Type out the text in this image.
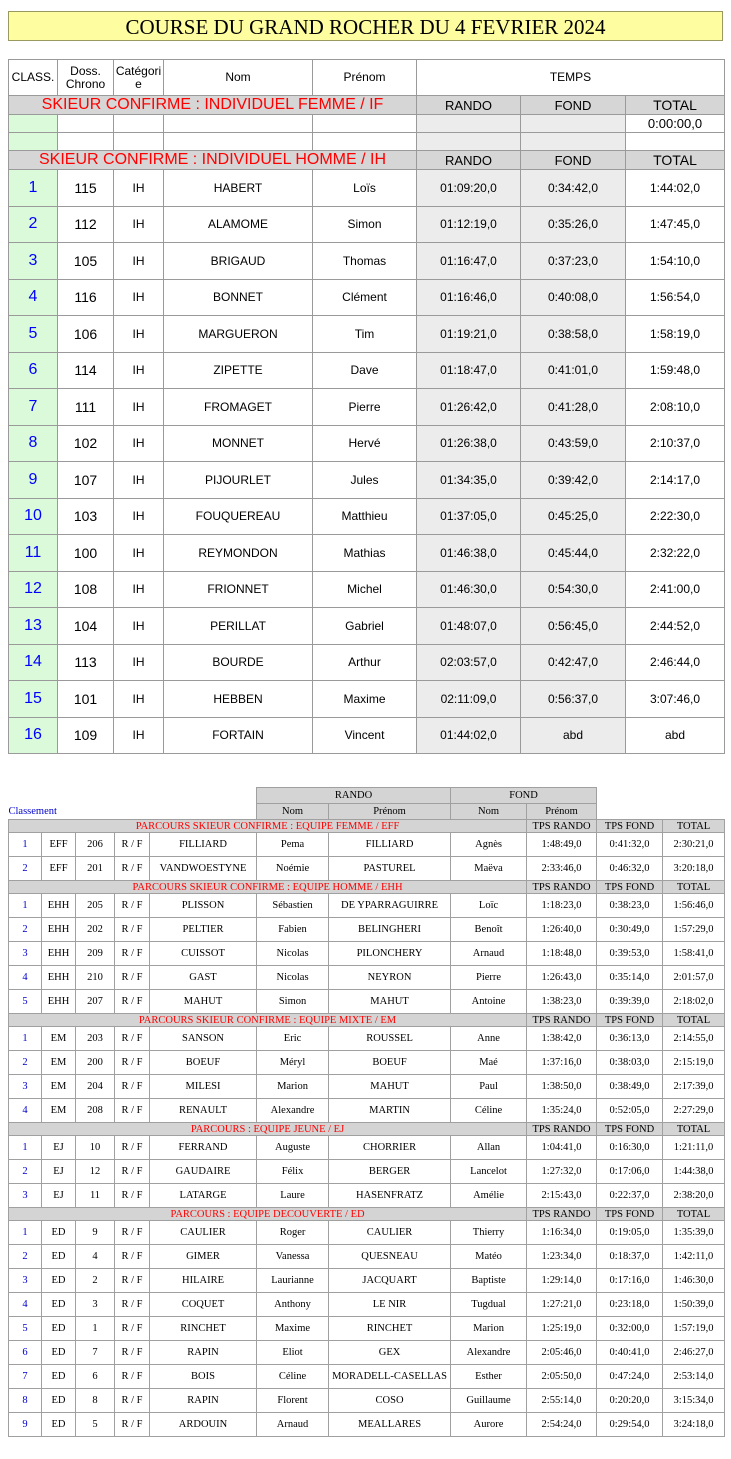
COURSE DU GRAND ROCHER DU 4 FEVRIER 2024
CLASS.	Doss. Chrono	Catégori e	Nom	Prénom	TEMPS		
SKIEUR CONFIRME : INDIVIDUEL FEMME / IF					RANDO	FOND	TOTAL
							0:00:00,0

SKIEUR CONFIRME : INDIVIDUEL HOMME / IH					RANDO	FOND	TOTAL
1	115	IH	HABERT	Loïs	01:09:20,0	0:34:42,0	1:44:02,0
2	112	IH	ALAMOME	Simon	01:12:19,0	0:35:26,0	1:47:45,0
3	105	IH	BRIGAUD	Thomas	01:16:47,0	0:37:23,0	1:54:10,0
4	116	IH	BONNET	Clément	01:16:46,0	0:40:08,0	1:56:54,0
5	106	IH	MARGUERON	Tim	01:19:21,0	0:38:58,0	1:58:19,0
6	114	IH	ZIPETTE	Dave	01:18:47,0	0:41:01,0	1:59:48,0
7	111	IH	FROMAGET	Pierre	01:26:42,0	0:41:28,0	2:08:10,0
8	102	IH	MONNET	Hervé	01:26:38,0	0:43:59,0	2:10:37,0
9	107	IH	PIJOURLET	Jules	01:34:35,0	0:39:42,0	2:14:17,0
10	103	IH	FOUQUEREAU	Matthieu	01:37:05,0	0:45:25,0	2:22:30,0
11	100	IH	REYMONDON	Mathias	01:46:38,0	0:45:44,0	2:32:22,0
12	108	IH	FRIONNET	Michel	01:46:30,0	0:54:30,0	2:41:00,0
13	104	IH	PERILLAT	Gabriel	01:48:07,0	0:56:45,0	2:44:52,0
14	113	IH	BOURDE	Arthur	02:03:57,0	0:42:47,0	2:46:44,0
15	101	IH	HEBBEN	Maxime	02:11:09,0	0:56:37,0	3:07:46,0
16	109	IH	FORTAIN	Vincent	01:44:02,0	abd	abd
					RANDO		FOND			
Classement					Nom	Prénom	Nom	Prénom		
PARCOURS SKIEUR CONFIRME : EQUIPE FEMME / EFF								TPS RANDO	TPS FOND	TOTAL
1	EFF	206	R / F	FILLIARD	Pema	FILLIARD	Agnès	1:48:49,0	0:41:32,0	2:30:21,0
2	EFF	201	R / F	VANDWOESTYNE	Noémie	PASTUREL	Maëva	2:33:46,0	0:46:32,0	3:20:18,0
PARCOURS SKIEUR CONFIRME : EQUIPE HOMME / EHH								TPS RANDO	TPS FOND	TOTAL
1	EHH	205	R / F	PLISSON	Sébastien	DE YPARRAGUIRRE	Loïc	1:18:23,0	0:38:23,0	1:56:46,0
2	EHH	202	R / F	PELTIER	Fabien	BELINGHERI	Benoît	1:26:40,0	0:30:49,0	1:57:29,0
3	EHH	209	R / F	CUISSOT	Nicolas	PILONCHERY	Arnaud	1:18:48,0	0:39:53,0	1:58:41,0
4	EHH	210	R / F	GAST	Nicolas	NEYRON	Pierre	1:26:43,0	0:35:14,0	2:01:57,0
5	EHH	207	R / F	MAHUT	Simon	MAHUT	Antoine	1:38:23,0	0:39:39,0	2:18:02,0
PARCOURS SKIEUR CONFIRME : EQUIPE MIXTE / EM								TPS RANDO	TPS FOND	TOTAL
1	EM	203	R / F	SANSON	Eric	ROUSSEL	Anne	1:38:42,0	0:36:13,0	2:14:55,0
2	EM	200	R / F	BOEUF	Méryl	BOEUF	Maé	1:37:16,0	0:38:03,0	2:15:19,0
3	EM	204	R / F	MILESI	Marion	MAHUT	Paul	1:38:50,0	0:38:49,0	2:17:39,0
4	EM	208	R / F	RENAULT	Alexandre	MARTIN	Céline	1:35:24,0	0:52:05,0	2:27:29,0
PARCOURS : EQUIPE JEUNE / EJ								TPS RANDO	TPS FOND	TOTAL
1	EJ	10	R / F	FERRAND	Auguste	CHORRIER	Allan	1:04:41,0	0:16:30,0	1:21:11,0
2	EJ	12	R / F	GAUDAIRE	Félix	BERGER	Lancelot	1:27:32,0	0:17:06,0	1:44:38,0
3	EJ	11	R / F	LATARGE	Laure	HASENFRATZ	Amélie	2:15:43,0	0:22:37,0	2:38:20,0
PARCOURS : EQUIPE DECOUVERTE / ED								TPS RANDO	TPS FOND	TOTAL
1	ED	9	R / F	CAULIER	Roger	CAULIER	Thierry	1:16:34,0	0:19:05,0	1:35:39,0
2	ED	4	R / F	GIMER	Vanessa	QUESNEAU	Matéo	1:23:34,0	0:18:37,0	1:42:11,0
3	ED	2	R / F	HILAIRE	Laurianne	JACQUART	Baptiste	1:29:14,0	0:17:16,0	1:46:30,0
4	ED	3	R / F	COQUET	Anthony	LE NIR	Tugdual	1:27:21,0	0:23:18,0	1:50:39,0
5	ED	1	R / F	RINCHET	Maxime	RINCHET	Marion	1:25:19,0	0:32:00,0	1:57:19,0
6	ED	7	R / F	RAPIN	Eliot	GEX	Alexandre	2:05:46,0	0:40:41,0	2:46:27,0
7	ED	6	R / F	BOIS	Céline	MORADELL-CASELLAS	Esther	2:05:50,0	0:47:24,0	2:53:14,0
8	ED	8	R / F	RAPIN	Florent	COSO	Guillaume	2:55:14,0	0:20:20,0	3:15:34,0
9	ED	5	R / F	ARDOUIN	Arnaud	MEALLARES	Aurore	2:54:24,0	0:29:54,0	3:24:18,0
